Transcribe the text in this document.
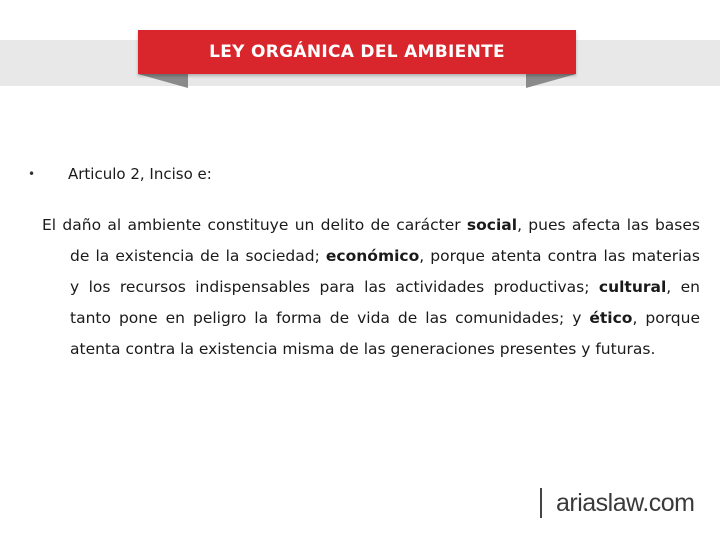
LEY ORGÁNICA DEL AMBIENTE
•	Articulo 2, Inciso e:

El daño al ambiente constituye un delito de carácter social, pues afecta las bases de la existencia de la sociedad; económico, porque atenta contra las materias y los recursos indispensables para las actividades productivas; cultural, en tanto pone en peligro la forma de vida de las comunidades; y ético, porque atenta contra la existencia misma de las generaciones presentes y futuras.

ariaslaw.com
